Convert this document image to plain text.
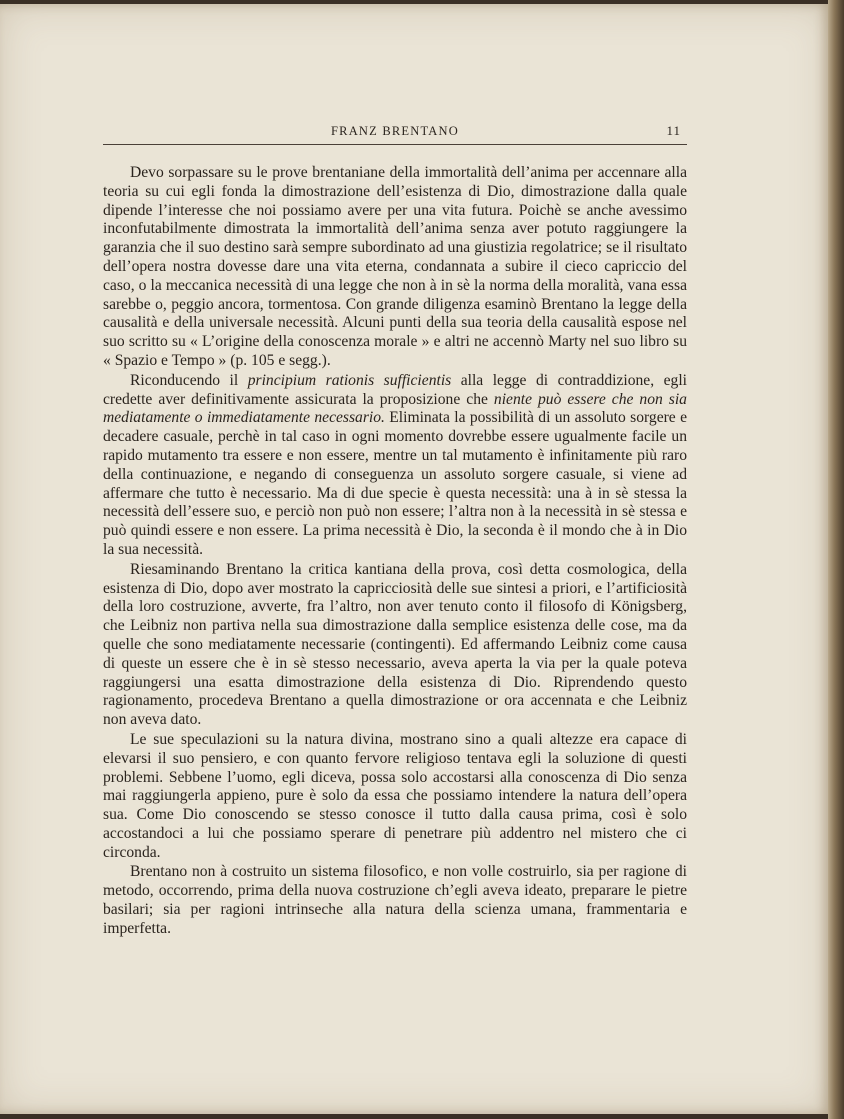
FRANZ BRENTANO	11

Devo sorpassare su le prove brentaniane della immortalità dell’anima per accennare alla teoria su cui egli fonda la dimostrazione dell’esistenza di Dio, dimostrazione dalla quale dipende l’interesse che noi possiamo avere per una vita futura. Poichè se anche avessimo inconfutabilmente dimostrata la immortalità dell’anima senza aver potuto raggiungere la garanzia che il suo destino sarà sempre subordinato ad una giustizia regolatrice; se il risultato dell’opera nostra dovesse dare una vita eterna, condannata a subire il cieco capriccio del caso, o la meccanica necessità di una legge che non à in sè la norma della moralità, vana essa sarebbe o, peggio ancora, tormentosa. Con grande diligenza esaminò Brentano la legge della causalità e della universale necessità. Alcuni punti della sua teoria della causalità espose nel suo scritto su « L’origine della conoscenza morale » e altri ne accennò Marty nel suo libro su « Spazio e Tempo » (p. 105 e segg.).

Riconducendo il principium rationis sufficientis alla legge di contraddizione, egli credette aver definitivamente assicurata la proposizione che niente può essere che non sia mediatamente o immediatamente necessario. Eliminata la possibilità di un assoluto sorgere e decadere casuale, perchè in tal caso in ogni momento dovrebbe essere ugualmente facile un rapido mutamento tra essere e non essere, mentre un tal mutamento è infinitamente più raro della continuazione, e negando di conseguenza un assoluto sorgere casuale, si viene ad affermare che tutto è necessario. Ma di due specie è questa necessità: una à in sè stessa la necessità dell’essere suo, e perciò non può non essere; l’altra non à la necessità in sè stessa e può quindi essere e non essere. La prima necessità è Dio, la seconda è il mondo che à in Dio la sua necessità.

Riesaminando Brentano la critica kantiana della prova, così detta cosmologica, della esistenza di Dio, dopo aver mostrato la capricciosità delle sue sintesi a priori, e l’artificiosità della loro costruzione, avverte, fra l’altro, non aver tenuto conto il filosofo di Königsberg, che Leibniz non partiva nella sua dimostrazione dalla semplice esistenza delle cose, ma da quelle che sono mediatamente necessarie (contingenti). Ed affermando Leibniz come causa di queste un essere che è in sè stesso necessario, aveva aperta la via per la quale poteva raggiungersi una esatta dimostrazione della esistenza di Dio. Riprendendo questo ragionamento, procedeva Brentano a quella dimostrazione or ora accennata e che Leibniz non aveva dato.

Le sue speculazioni su la natura divina, mostrano sino a quali altezze era capace di elevarsi il suo pensiero, e con quanto fervore religioso tentava egli la soluzione di questi problemi. Sebbene l’uomo, egli diceva, possa solo accostarsi alla conoscenza di Dio senza mai raggiungerla appieno, pure è solo da essa che possiamo intendere la natura dell’opera sua. Come Dio conoscendo se stesso conosce il tutto dalla causa prima, così è solo accostandoci a lui che possiamo sperare di penetrare più addentro nel mistero che ci circonda.

Brentano non à costruito un sistema filosofico, e non volle costruirlo, sia per ragione di metodo, occorrendo, prima della nuova costruzione ch’egli aveva ideato, preparare le pietre basilari; sia per ragioni intrinseche alla natura della scienza umana, frammentaria e imperfetta.
